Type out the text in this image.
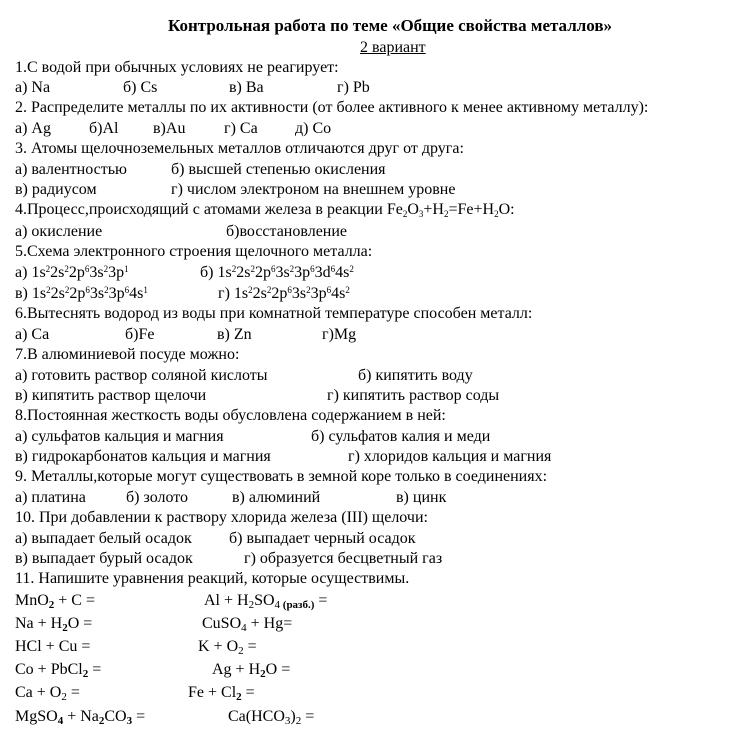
Контрольная работа по теме «Общие свойства металлов»
2 вариант
1.С водой при обычных условиях не реагирует:
а) Na	б) Cs	в) Ba	г) Pb
2. Распределите металлы по их активности (от более активного к менее активному металлу):
а) Ag б)Al в)Au г) Ca д) Co
3. Атомы щелочноземельных металлов отличаются друг от друга:
а) валентностью	б) высшей степенью окисления
в) радиусом	г) числом электроном на внешнем уровне
4.Процесс,происходящий с атомами железа в реакции $Fe_2O_3+H_2=Fe+H_2O$:
а) окисление	б)восстановление
5.Схема электронного строения щелочного металла:
а) $1s^22s^22p^63s^23p^1$	б) $1s^22s^22p^63s^23p^63d^64s^2$
в) $1s^22s^22p^63s^23p^64s^1$	г) $1s^22s^22p^63s^23p^64s^2$
6.Вытеснять водород из воды при комнатной температуре способен металл:
а) Ca	б)Fe	в) Zn	г)Mg
7.В алюминиевой посуде можно:
а) готовить раствор соляной кислоты	б) кипятить воду
в) кипятить раствор щелочи	г) кипятить раствор соды
8.Постоянная жесткость воды обусловлена содержанием в ней:
а) сульфатов кальция и магния	б) сульфатов калия и меди
в) гидрокарбонатов кальция и магния	г) хлоридов кальция и магния
9. Металлы,которые могут существовать в земной коре только в соединениях:
а) платина	б) золото	в) алюминий	в) цинк
10. При добавлении к раствору хлорида железа (III) щелочи:
а) выпадает белый осадок б) выпадает черный осадок
в) выпадает бурый осадок	г) образуется бесцветный газ
11. Напишите уравнения реакций, которые осуществимы.
MnO$_2$ + C =	$Al + H_2SO_4$ $_{(разб.)}$ =
$Na + H_2O$ =	CuSO$_4$ + Hg=
HCl + Cu =	$K + O_2$ =
Co + PbCl$_2$ =	$Ag + H_2O$ =
$Ca + O_2$ =	$Fe + Cl_2$ =
MgSO$_4$ + $Na_2CO_3$ =	$Ca(HCO_3)_2$ =
